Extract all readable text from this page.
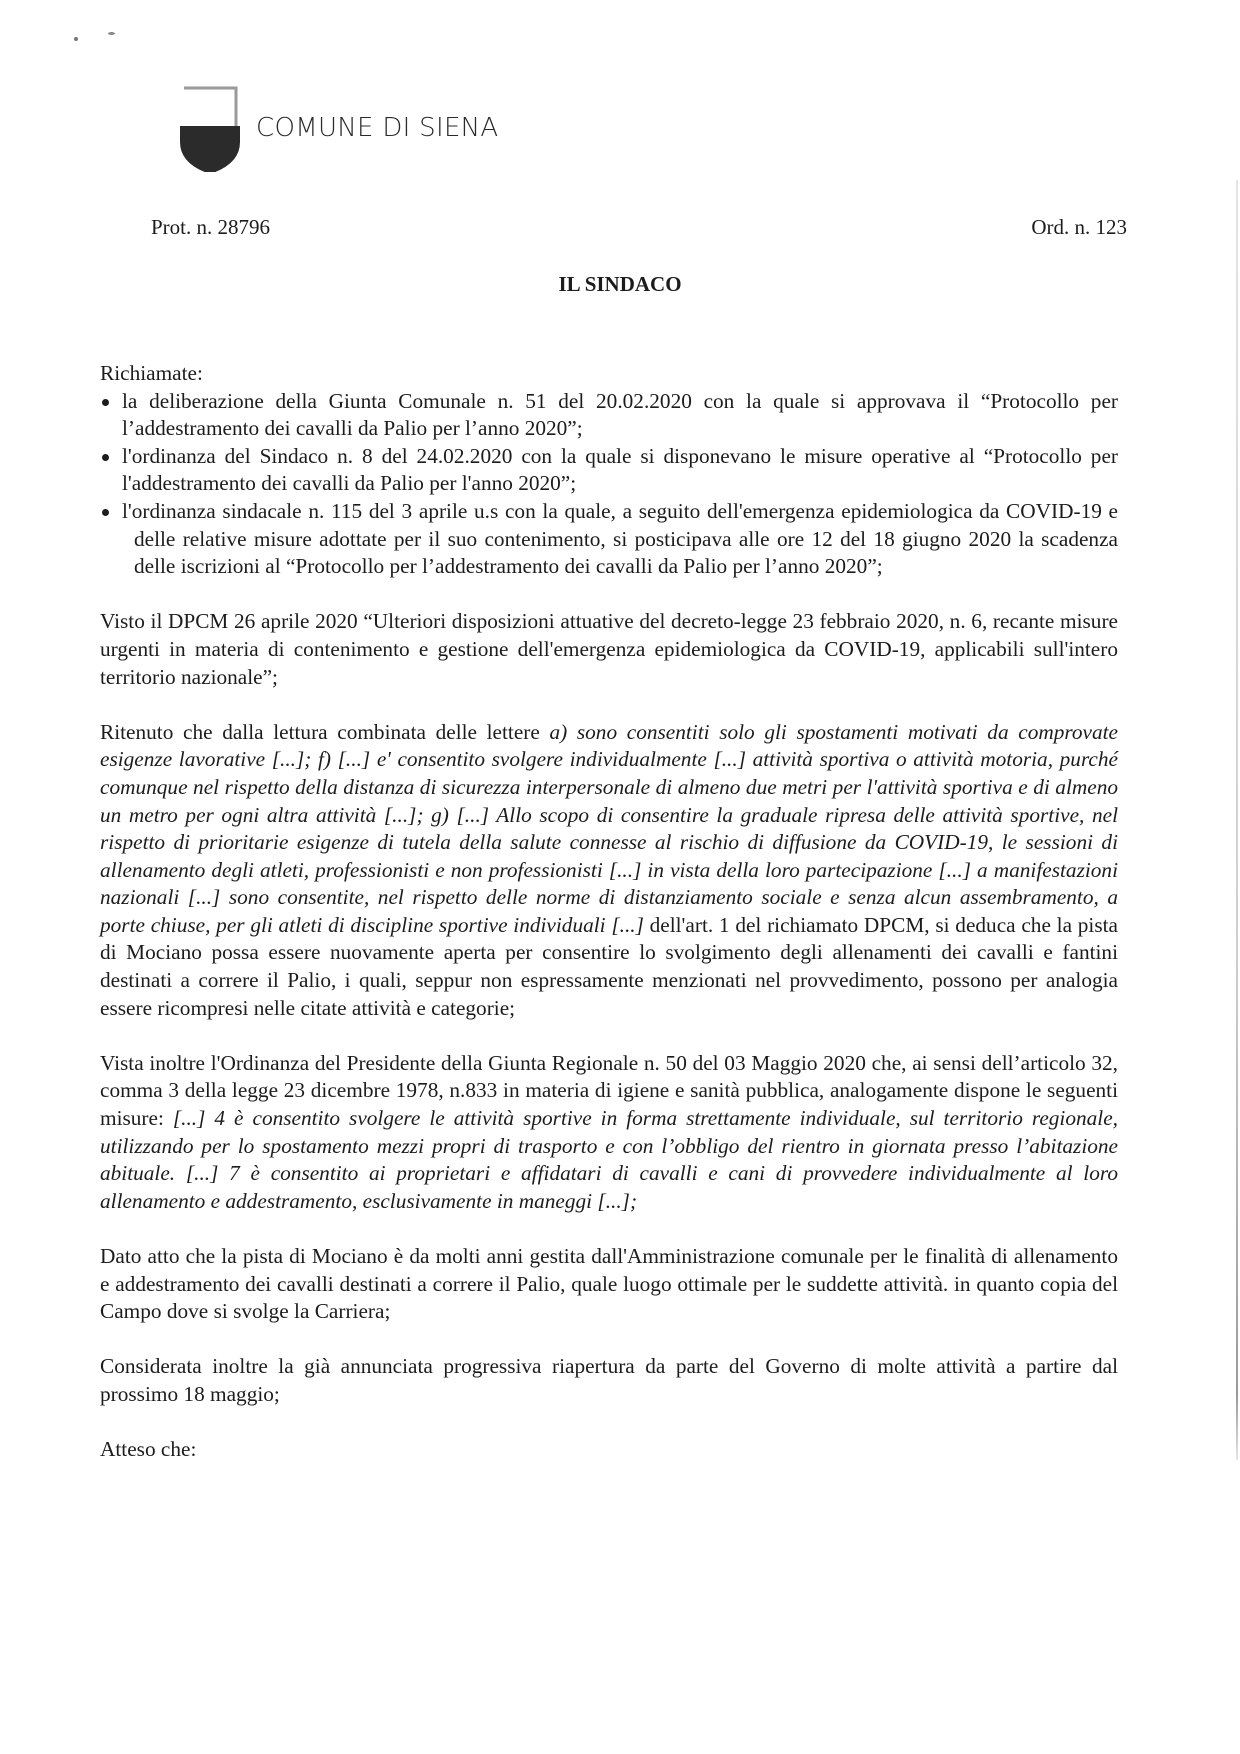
COMUNE DI SIENA
Prot. n. 28796	Ord. n. 123
IL SINDACO

Richiamate:

la deliberazione della Giunta Comunale n. 51 del 20.02.2020 con la quale si approvava il “Protocollo per l’addestramento dei cavalli da Palio per l’anno 2020”;
l'ordinanza del Sindaco n. 8 del 24.02.2020 con la quale si disponevano le misure operative al “Protocollo per l'addestramento dei cavalli da Palio per l'anno 2020”;
l'ordinanza sindacale n. 115 del 3 aprile u.s con la quale, a seguito dell'emergenza epidemiologica da COVID-19 e delle relative misure adottate per il suo contenimento, si posticipava alle ore 12 del 18 giugno 2020 la scadenza delle iscrizioni al “Protocollo per l’addestramento dei cavalli da Palio per l’anno 2020”;

Visto il DPCM 26 aprile 2020 “Ulteriori disposizioni attuative del decreto-legge 23 febbraio 2020, n. 6, recante misure urgenti in materia di contenimento e gestione dell'emergenza epidemiologica da COVID-19, applicabili sull'intero territorio nazionale”;

Ritenuto che dalla lettura combinata delle lettere a) sono consentiti solo gli spostamenti motivati da comprovate esigenze lavorative [...]; f) [...] e' consentito svolgere individualmente [...] attività sportiva o attività motoria, purché comunque nel rispetto della distanza di sicurezza interpersonale di almeno due metri per l'attività sportiva e di almeno un metro per ogni altra attività [...]; g) [...] Allo scopo di consentire la graduale ripresa delle attività sportive, nel rispetto di prioritarie esigenze di tutela della salute connesse al rischio di diffusione da COVID-19, le sessioni di allenamento degli atleti, professionisti e non professionisti [...] in vista della loro partecipazione [...] a manifestazioni nazionali [...] sono consentite, nel rispetto delle norme di distanziamento sociale e senza alcun assembramento, a porte chiuse, per gli atleti di discipline sportive individuali [...] dell'art. 1 del richiamato DPCM, si deduca che la pista di Mociano possa essere nuovamente aperta per consentire lo svolgimento degli allenamenti dei cavalli e fantini destinati a correre il Palio, i quali, seppur non espressamente menzionati nel provvedimento, possono per analogia essere ricompresi nelle citate attività e categorie;

Vista inoltre l'Ordinanza del Presidente della Giunta Regionale n. 50 del 03 Maggio 2020 che, ai sensi dell’articolo 32, comma 3 della legge 23 dicembre 1978, n.833 in materia di igiene e sanità pubblica, analogamente dispone le seguenti misure: [...] 4 è consentito svolgere le attività sportive in forma strettamente individuale, sul territorio regionale, utilizzando per lo spostamento mezzi propri di trasporto e con l’obbligo del rientro in giornata presso l’abitazione abituale. [...] 7 è consentito ai proprietari e affidatari di cavalli e cani di provvedere individualmente al loro allenamento e addestramento, esclusivamente in maneggi [...];

Dato atto che la pista di Mociano è da molti anni gestita dall'Amministrazione comunale per le finalità di allenamento e addestramento dei cavalli destinati a correre il Palio, quale luogo ottimale per le suddette attività. in quanto copia del Campo dove si svolge la Carriera;

Considerata inoltre la già annunciata progressiva riapertura da parte del Governo di molte attività a partire dal prossimo 18 maggio;

Atteso che:
